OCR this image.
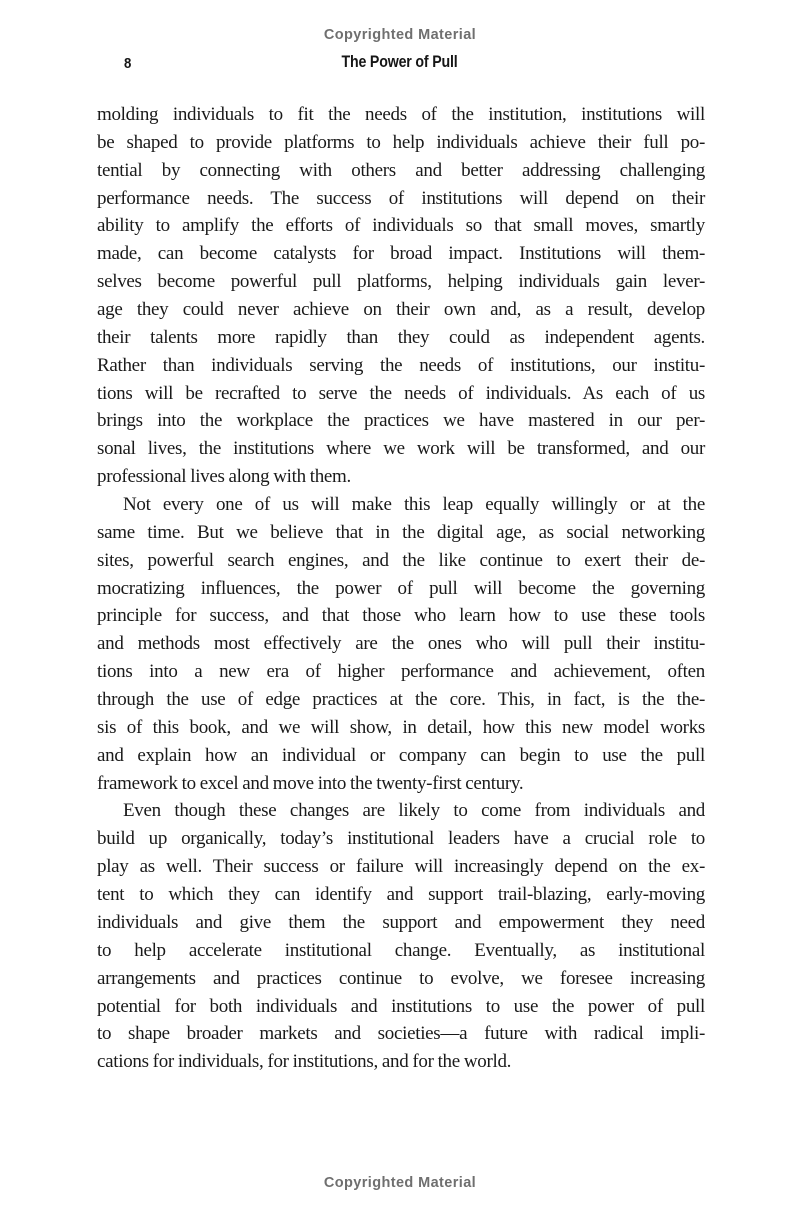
Copyrighted Material
8	The Power of Pull
molding individuals to fit the needs of the institution, institutions will
be shaped to provide platforms to help individuals achieve their full po-
tential by connecting with others and better addressing challenging
performance needs. The success of institutions will depend on their
ability to amplify the efforts of individuals so that small moves, smartly
made, can become catalysts for broad impact. Institutions will them-
selves become powerful pull platforms, helping individuals gain lever-
age they could never achieve on their own and, as a result, develop
their talents more rapidly than they could as independent agents.
Rather than individuals serving the needs of institutions, our institu-
tions will be recrafted to serve the needs of individuals. As each of us
brings into the workplace the practices we have mastered in our per-
sonal lives, the institutions where we work will be transformed, and our
professional lives along with them.
Not every one of us will make this leap equally willingly or at the
same time. But we believe that in the digital age, as social networking
sites, powerful search engines, and the like continue to exert their de-
mocratizing influences, the power of pull will become the governing
principle for success, and that those who learn how to use these tools
and methods most effectively are the ones who will pull their institu-
tions into a new era of higher performance and achievement, often
through the use of edge practices at the core. This, in fact, is the the-
sis of this book, and we will show, in detail, how this new model works
and explain how an individual or company can begin to use the pull
framework to excel and move into the twenty-first century.
Even though these changes are likely to come from individuals and
build up organically, today’s institutional leaders have a crucial role to
play as well. Their success or failure will increasingly depend on the ex-
tent to which they can identify and support trail-blazing, early-moving
individuals and give them the support and empowerment they need
to help accelerate institutional change. Eventually, as institutional
arrangements and practices continue to evolve, we foresee increasing
potential for both individuals and institutions to use the power of pull
to shape broader markets and societies—a future with radical impli-
cations for individuals, for institutions, and for the world.
Copyrighted Material
